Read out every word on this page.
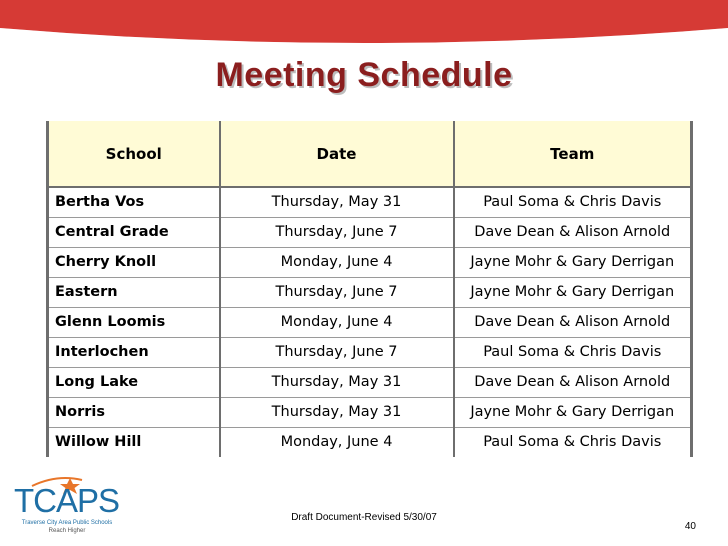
Meeting Schedule
School	Date	Team
Bertha Vos	Thursday, May 31	Paul Soma & Chris Davis
Central Grade	Thursday, June 7	Dave Dean & Alison Arnold
Cherry Knoll	Monday, June 4	Jayne Mohr & Gary Derrigan
Eastern	Thursday, June 7	Jayne Mohr & Gary Derrigan
Glenn Loomis	Monday, June 4	Dave Dean & Alison Arnold
Interlochen	Thursday, June 7	Paul Soma & Chris Davis
Long Lake	Thursday, May 31	Dave Dean & Alison Arnold
Norris	Thursday, May 31	Jayne Mohr & Gary Derrigan
Willow Hill	Monday, June 4	Paul Soma & Chris Davis
TCAPS
Traverse City Area Public Schools
Reach Higher
Draft Document-Revised 5/30/07
40
